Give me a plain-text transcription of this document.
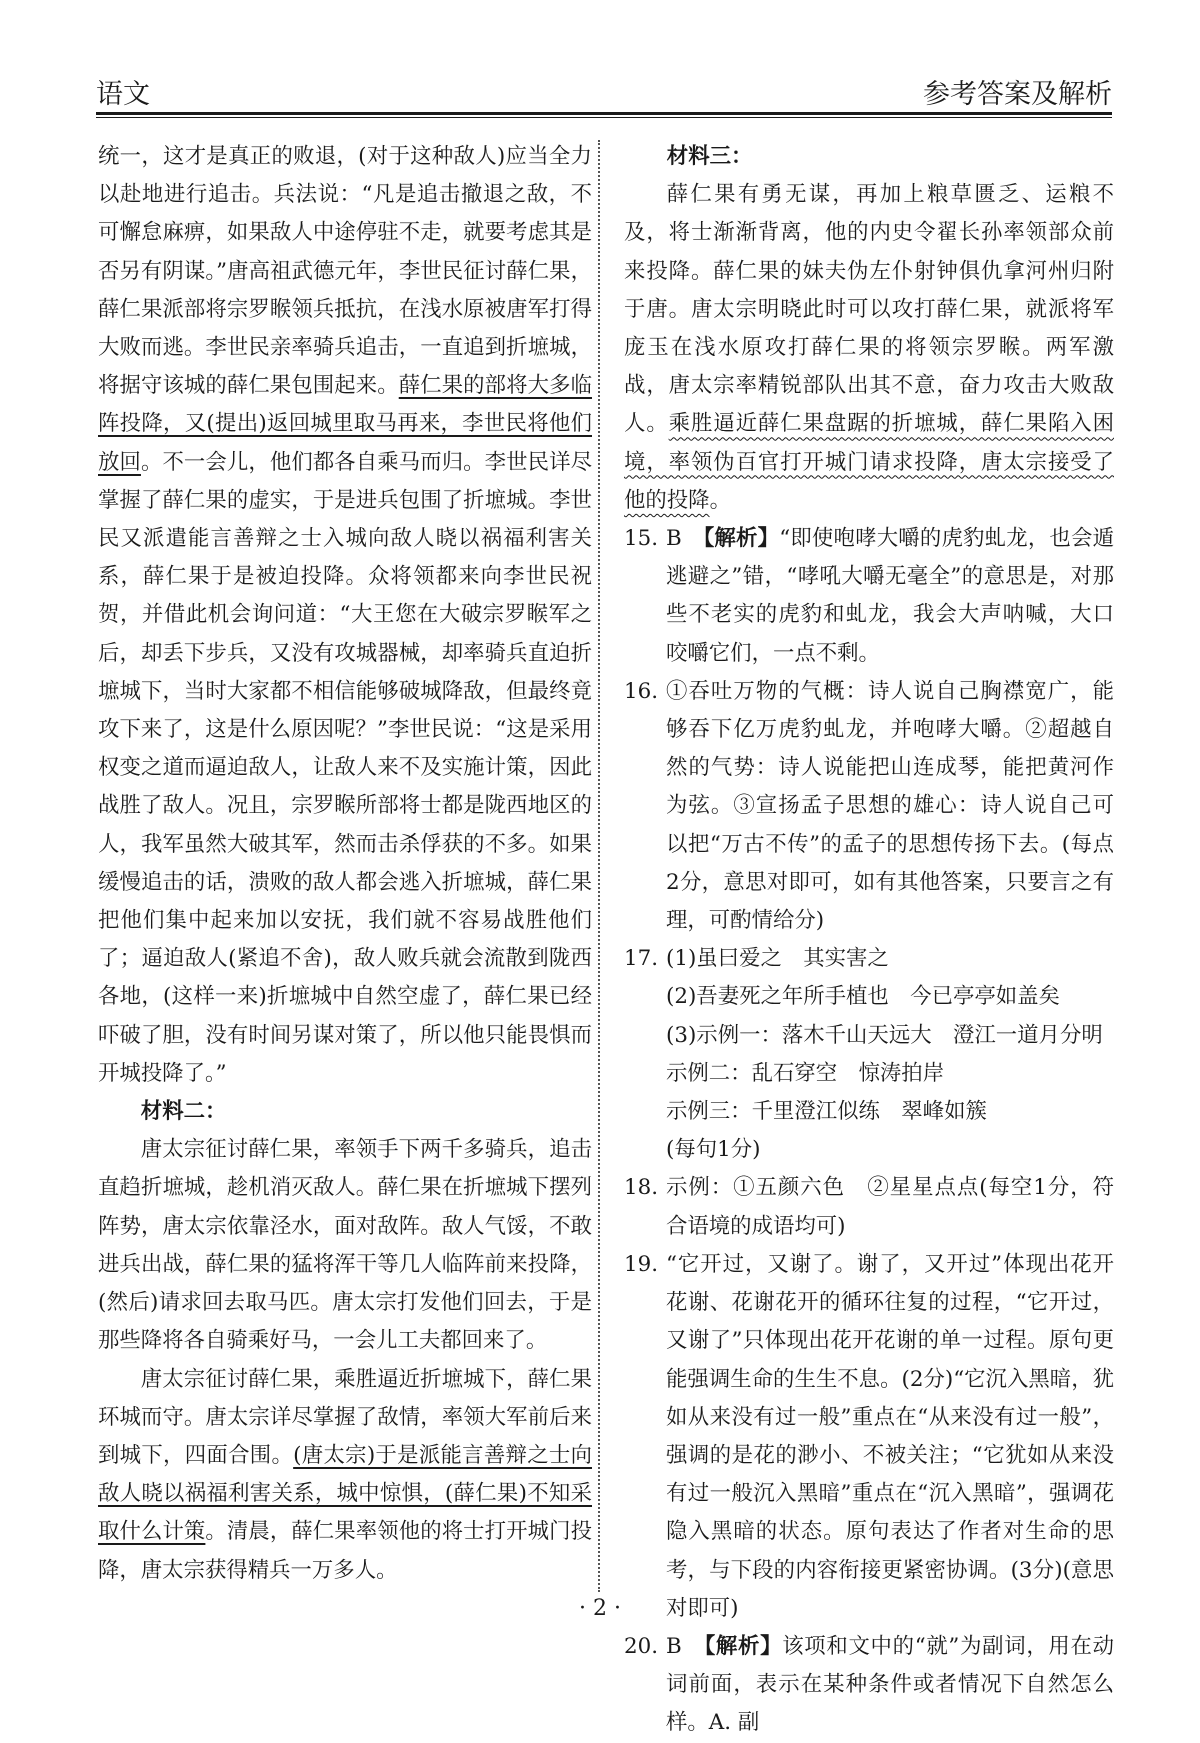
语文	参考答案及解析

统一，这才是真正的败退，(对于这种敌人)应当全力以赴地进行追击。兵法说：“凡是追击撤退之敌，不可懈怠麻痹，如果敌人中途停驻不走，就要考虑其是否另有阴谋。”唐高祖武德元年，李世民征讨薛仁果，薛仁果派部将宗罗睺领兵抵抗，在浅水原被唐军打得大败而逃。李世民亲率骑兵追击，一直追到折墌城，将据守该城的薛仁果包围起来。薛仁果的部将大多临阵投降，又(提出)返回城里取马再来，李世民将他们放回。不一会儿，他们都各自乘马而归。李世民详尽掌握了薛仁果的虚实，于是进兵包围了折墌城。李世民又派遣能言善辩之士入城向敌人晓以祸福利害关系，薛仁果于是被迫投降。众将领都来向李世民祝贺，并借此机会询问道：“大王您在大破宗罗睺军之后，却丢下步兵，又没有攻城器械，却率骑兵直迫折墌城下，当时大家都不相信能够破城降敌，但最终竟攻下来了，这是什么原因呢？”李世民说：“这是采用权变之道而逼迫敌人，让敌人来不及实施计策，因此战胜了敌人。况且，宗罗睺所部将士都是陇西地区的人，我军虽然大破其军，然而击杀俘获的不多。如果缓慢追击的话，溃败的敌人都会逃入折墌城，薛仁果把他们集中起来加以安抚，我们就不容易战胜他们了；逼迫敌人(紧追不舍)，敌人败兵就会流散到陇西各地，(这样一来)折墌城中自然空虚了，薛仁果已经吓破了胆，没有时间另谋对策了，所以他只能畏惧而开城投降了。”

材料二：

唐太宗征讨薛仁果，率领手下两千多骑兵，追击直趋折墌城，趁机消灭敌人。薛仁果在折墌城下摆列阵势，唐太宗依靠泾水，面对敌阵。敌人气馁，不敢进兵出战，薛仁果的猛将浑干等几人临阵前来投降，(然后)请求回去取马匹。唐太宗打发他们回去，于是那些降将各自骑乘好马，一会儿工夫都回来了。

唐太宗征讨薛仁果，乘胜逼近折墌城下，薛仁果环城而守。唐太宗详尽掌握了敌情，率领大军前后来到城下，四面合围。(唐太宗)于是派能言善辩之士向敌人晓以祸福利害关系，城中惊惧，(薛仁果)不知采取什么计策。清晨，薛仁果率领他的将士打开城门投降，唐太宗获得精兵一万多人。

材料三：

薛仁果有勇无谋，再加上粮草匮乏、运粮不及，将士渐渐背离，他的内史令翟长孙率领部众前来投降。薛仁果的妹夫伪左仆射钟俱仇拿河州归附于唐。唐太宗明晓此时可以攻打薛仁果，就派将军庞玉在浅水原攻打薛仁果的将领宗罗睺。两军激战，唐太宗率精锐部队出其不意，奋力攻击大败敌人。乘胜逼近薛仁果盘踞的折墌城，薛仁果陷入困境，率领伪百官打开城门请求投降，唐太宗接受了他的投降。

15. B　 【解析】“即使咆哮大嚼的虎豹虬龙，也会遁逃避之”错，“哮吼大嚼无毫全”的意思是，对那些不老实的虎豹和虬龙，我会大声呐喊，大口咬嚼它们，一点不剩。

16. ①吞吐万物的气概：诗人说自己胸襟宽广，能够吞下亿万虎豹虬龙，并咆哮大嚼。②超越自然的气势：诗人说能把山连成琴，能把黄河作为弦。③宣扬孟子思想的雄心：诗人说自己可以把“万古不传”的孟子的思想传扬下去。(每点2分，意思对即可，如有其他答案，只要言之有理，可酌情给分)

17. (1)虽曰爱之　其实害之
(2)吾妻死之年所手植也　今已亭亭如盖矣
(3)示例一：落木千山天远大　澄江一道月分明
示例二：乱石穿空　惊涛拍岸
示例三：千里澄江似练　翠峰如簇
(每句1分)

18. 示例：①五颜六色　②星星点点(每空1分，符合语境的成语均可)

19. “它开过，又谢了。谢了，又开过”体现出花开花谢、花谢花开的循环往复的过程，“它开过，又谢了”只体现出花开花谢的单一过程。原句更能强调生命的生生不息。(2分)“它沉入黑暗，犹如从来没有过一般”重点在“从来没有过一般”，强调的是花的渺小、不被关注；“它犹如从来没有过一般沉入黑暗”重点在“沉入黑暗”，强调花隐入黑暗的状态。原句表达了作者对生命的思考，与下段的内容衔接更紧密协调。(3分)(意思对即可)

20. B　 【解析】该项和文中的“就”为副词，用在动词前面，表示在某种条件或者情况下自然怎么样。A. 副

· 2 ·
